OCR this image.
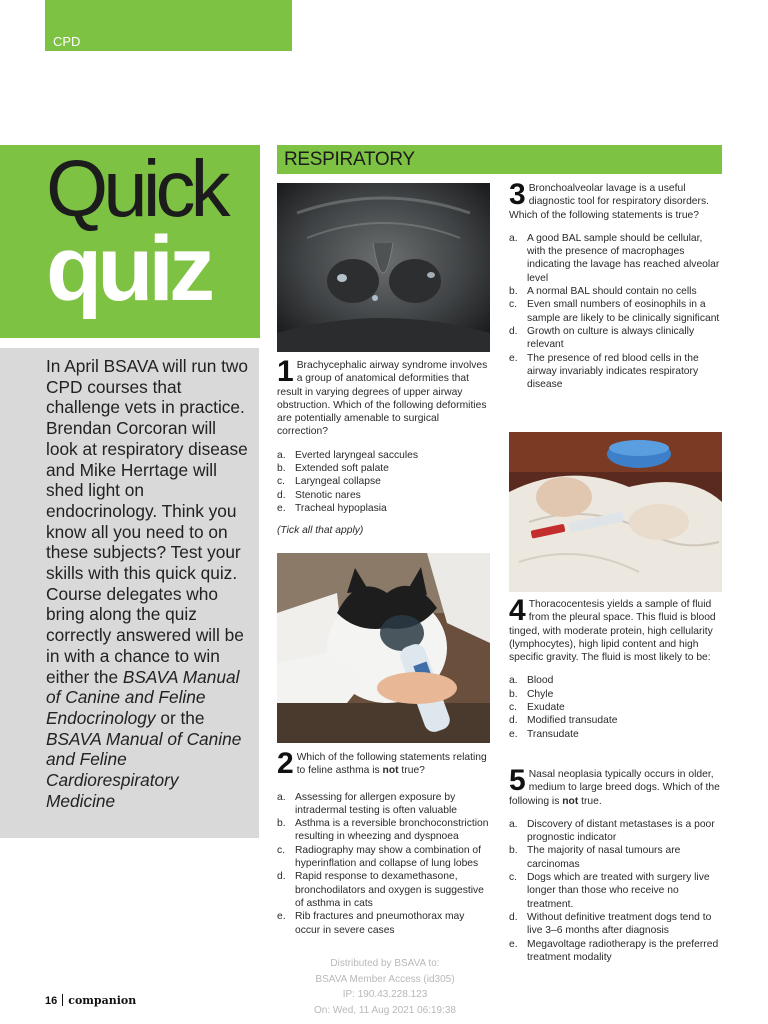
CPD
Quick
quiz

In April BSAVA will run two CPD courses that challenge vets in practice. Brendan Corcoran will look at respiratory disease and Mike Herrtage will shed light on endocrinology. Think you know all you need to on these subjects? Test your skills with this quick quiz. Course delegates who bring along the quiz correctly answered will be in with a chance to win either the BSAVA Manual of Canine and Feline Endocrinology or the BSAVA Manual of Canine and Feline Cardiorespiratory Medicine

RESPIRATORY
1 Brachycephalic airway syndrome involves a group of anatomical deformities that result in varying degrees of upper airway obstruction. Which of the following deformities are potentially amenable to surgical correction?

a. Everted laryngeal saccules
b. Extended soft palate
c. Laryngeal collapse
d. Stenotic nares
e. Tracheal hypoplasia
(Tick all that apply)
2 Which of the following statements relating to feline asthma is not true?

a. Assessing for allergen exposure by intradermal testing is often valuable
b. Asthma is a reversible bronchoconstriction resulting in wheezing and dyspnoea
c. Radiography may show a combination of hyperinflation and collapse of lung lobes
d. Rapid response to dexamethasone, bronchodilators and oxygen is suggestive of asthma in cats
e. Rib fractures and pneumothorax may occur in severe cases
3 Bronchoalveolar lavage is a useful diagnostic tool for respiratory disorders. Which of the following statements is true?

a. A good BAL sample should be cellular, with the presence of macrophages indicating the lavage has reached alveolar level
b. A normal BAL should contain no cells
c. Even small numbers of eosinophils in a sample are likely to be clinically significant
d. Growth on culture is always clinically relevant
e. The presence of red blood cells in the airway invariably indicates respiratory disease
4 Thoracocentesis yields a sample of fluid from the pleural space. This fluid is blood tinged, with moderate protein, high cellularity (lymphocytes), high lipid content and high specific gravity. The fluid is most likely to be:

a. Blood
b. Chyle
c. Exudate
d. Modified transudate
e. Transudate
5 Nasal neoplasia typically occurs in older, medium to large breed dogs. Which of the following is not true.

a. Discovery of distant metastases is a poor prognostic indicator
b. The majority of nasal tumours are carcinomas
c. Dogs which are treated with surgery live longer than those who receive no treatment.
d. Without definitive treatment dogs tend to live 3–6 months after diagnosis
e. Megavoltage radiotherapy is the preferred treatment modality
16 companion
Distributed by BSAVA to:
BSAVA Member Access (id305)
IP: 190.43.228.123
On: Wed, 11 Aug 2021 06:19:38
